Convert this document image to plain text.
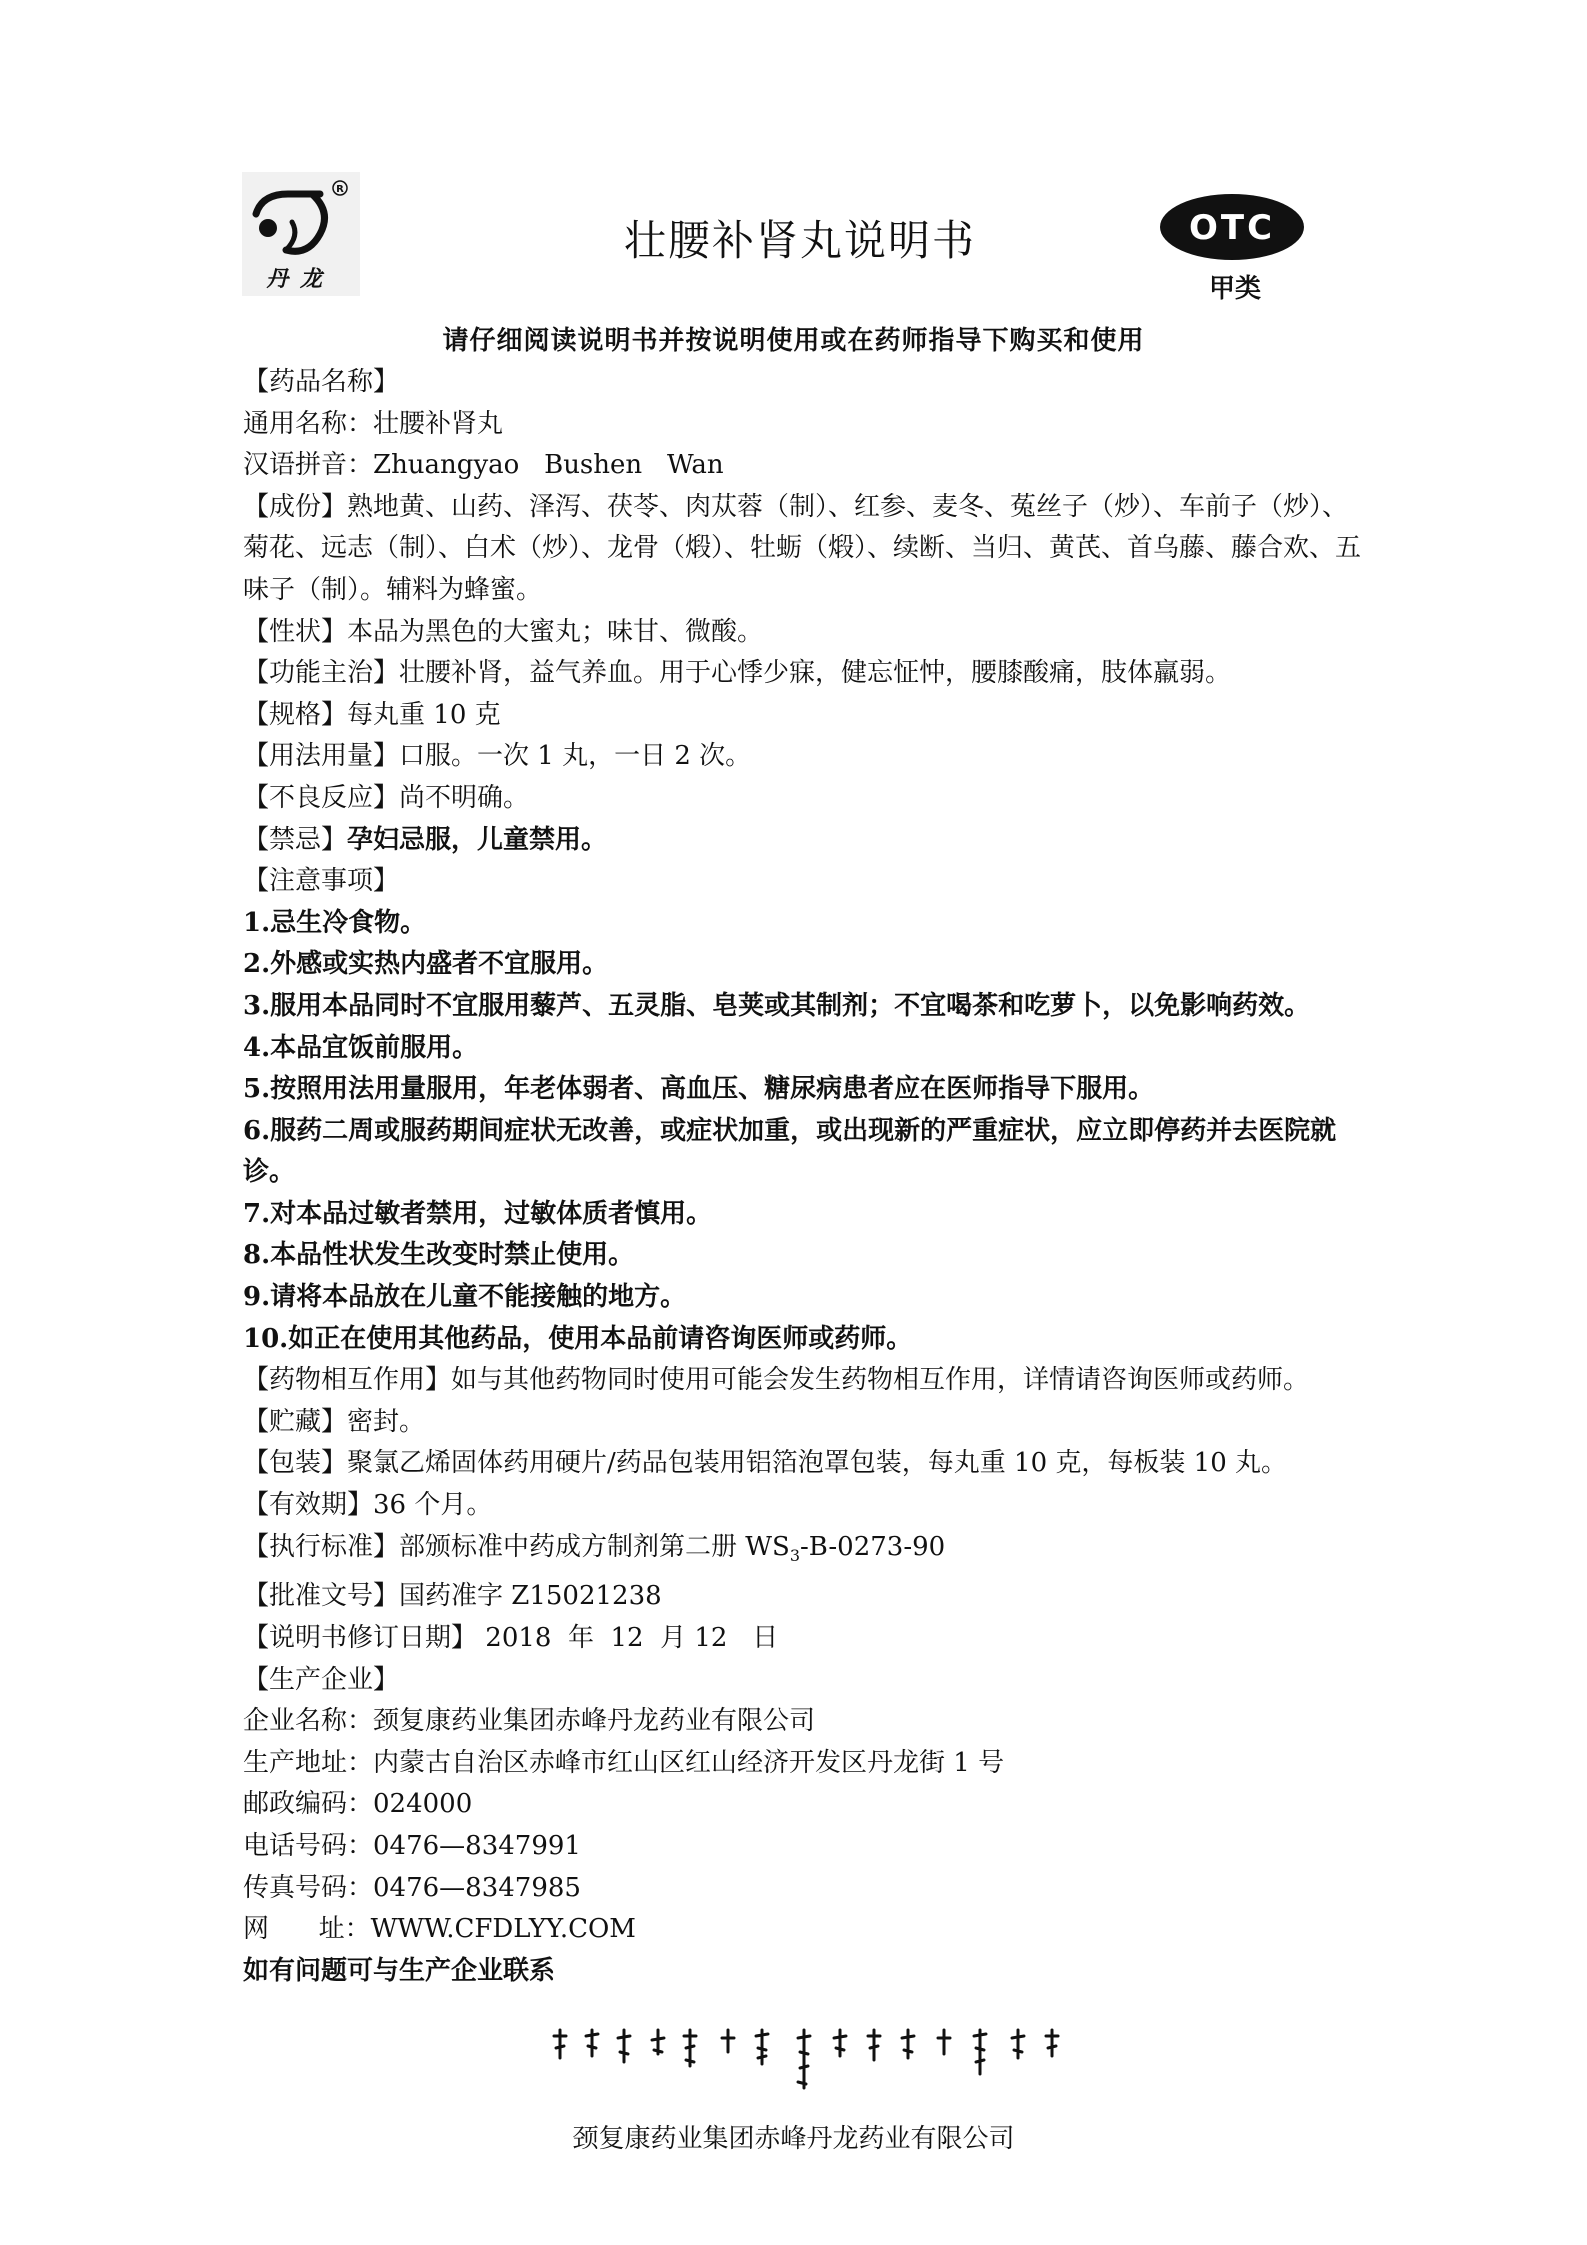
R
丹龙
壮腰补肾丸说明书	OTC
甲类
请仔细阅读说明书并按说明使用或在药师指导下购买和使用

【药品名称】

通用名称：壮腰补肾丸

汉语拼音：Zhuangyao   Bushen   Wan

【成份】熟地黄、山药、泽泻、茯苓、肉苁蓉（制）、红参、麦冬、菟丝子（炒）、车前子（炒）、菊花、远志（制）、白术（炒）、龙骨（煅）、牡蛎（煅）、续断、当归、黄芪、首乌藤、藤合欢、五味子（制）。辅料为蜂蜜。

【性状】本品为黑色的大蜜丸；味甘、微酸。

【功能主治】壮腰补肾，益气养血。用于心悸少寐，健忘怔忡，腰膝酸痛，肢体羸弱。

【规格】每丸重 10 克

【用法用量】口服。一次 1 丸，一日 2 次。

【不良反应】尚不明确。

【禁忌】孕妇忌服，儿童禁用。

【注意事项】

1.忌生冷食物。

2.外感或实热内盛者不宜服用。

3.服用本品同时不宜服用藜芦、五灵脂、皂荚或其制剂；不宜喝茶和吃萝卜，以免影响药效。

4.本品宜饭前服用。

5.按照用法用量服用，年老体弱者、高血压、糖尿病患者应在医师指导下服用。

6.服药二周或服药期间症状无改善，或症状加重，或出现新的严重症状，应立即停药并去医院就诊。

7.对本品过敏者禁用，过敏体质者慎用。

8.本品性状发生改变时禁止使用。

9.请将本品放在儿童不能接触的地方。

10.如正在使用其他药品，使用本品前请咨询医师或药师。

【药物相互作用】如与其他药物同时使用可能会发生药物相互作用，详情请咨询医师或药师。

【贮藏】密封。

【包装】聚氯乙烯固体药用硬片/药品包装用铝箔泡罩包装，每丸重 10 克，每板装 10 丸。

【有效期】36 个月。

【执行标准】部颁标准中药成方制剂第二册 $WS_3-B-0273-90$

【批准文号】国药准字 Z15021238

【说明书修订日期】 2018  年  12  月 12   日

【生产企业】

企业名称：颈复康药业集团赤峰丹龙药业有限公司

生产地址：内蒙古自治区赤峰市红山区红山经济开发区丹龙街 1 号

邮政编码：024000

电话号码：0476—8347991

传真号码：0476—8347985

网      址：WWW.CFDLYY.COM

如有问题可与生产企业联系

颈复康药业集团赤峰丹龙药业有限公司
